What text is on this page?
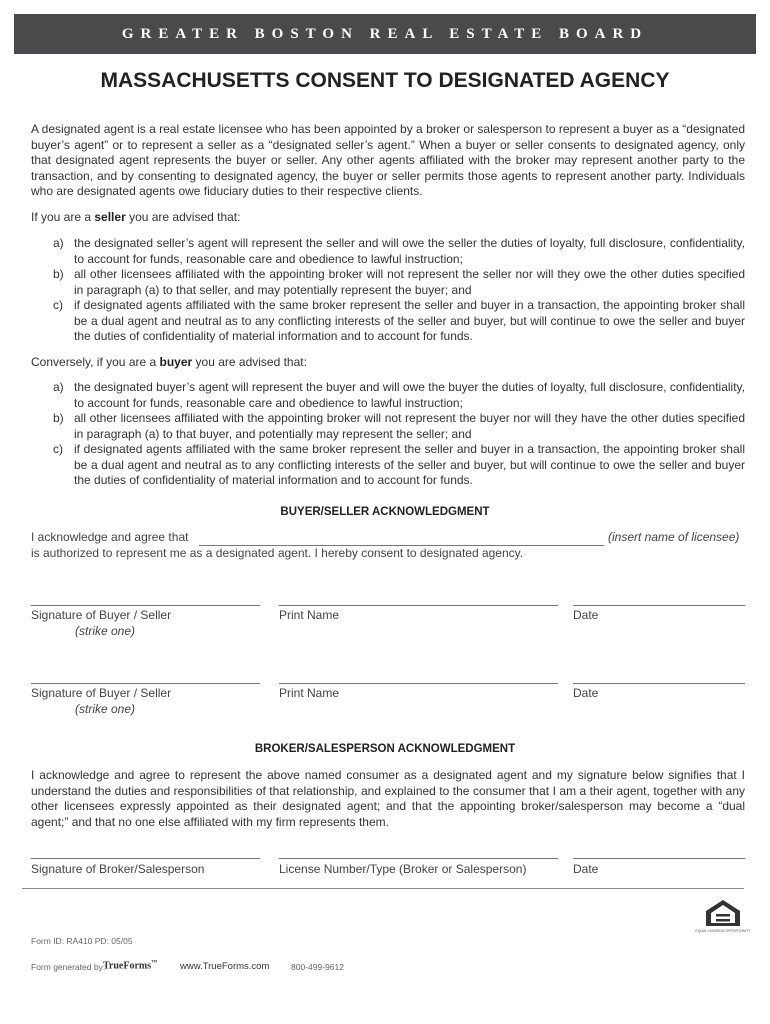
GREATER BOSTON REAL ESTATE BOARD
MASSACHUSETTS CONSENT TO DESIGNATED AGENCY

A designated agent is a real estate licensee who has been appointed by a broker or salesperson to represent a buyer as a “designated buyer’s agent” or to represent a seller as a “designated seller’s agent.” When a buyer or seller consents to designated agency, only that designated agent represents the buyer or seller. Any other agents affiliated with the broker may represent another party to the transaction, and by consenting to designated agency, the buyer or seller permits those agents to represent another party. Individuals who are designated agents owe fiduciary duties to their respective clients.

If you are a seller you are advised that:

a) the designated seller’s agent will represent the seller and will owe the seller the duties of loyalty, full disclosure, confidentiality, to account for funds, reasonable care and obedience to lawful instruction;
b) all other licensees affiliated with the appointing broker will not represent the seller nor will they owe the other duties specified in paragraph (a) to that seller, and may potentially represent the buyer; and
c) if designated agents affiliated with the same broker represent the seller and buyer in a transaction, the appointing broker shall be a dual agent and neutral as to any conflicting interests of the seller and buyer, but will continue to owe the seller and buyer the duties of confidentiality of material information and to account for funds.

Conversely, if you are a buyer you are advised that:

a) the designated buyer’s agent will represent the buyer and will owe the buyer the duties of loyalty, full disclosure, confidentiality, to account for funds, reasonable care and obedience to lawful instruction;
b) all other licensees affiliated with the appointing broker will not represent the buyer nor will they have the other duties specified in paragraph (a) to that buyer, and potentially may represent the seller; and
c) if designated agents affiliated with the same broker represent the seller and buyer in a transaction, the appointing broker shall be a dual agent and neutral as to any conflicting interests of the seller and buyer, but will continue to owe the seller and buyer the duties of confidentiality of material information and to account for funds.
BUYER/SELLER ACKNOWLEDGMENT
I acknowledge and agree that	(insert name of licensee)
is authorized to represent me as a designated agent. I hereby consent to designated agency.
Signature of Buyer / Seller
(strike one)
Print Name	Date
Signature of Buyer / Seller
(strike one)
Print Name	Date
BROKER/SALESPERSON ACKNOWLEDGMENT

I acknowledge and agree to represent the above named consumer as a designated agent and my signature below signifies that I understand the duties and responsibilities of that relationship, and explained to the consumer that I am a their agent, together with any other licensees expressly appointed as their designated agent; and that the appointing broker/salesperson may become a “dual agent;” and that no one else affiliated with my firm represents them.

Signature of Broker/Salesperson	License Number/Type (Broker or Salesperson)	Date
EQUAL HOUSING OPPORTUNITY
Form ID: RA410 PD: 05/05
Form generated by:
TrueForms™ www.TrueForms.com	800-499-9612
